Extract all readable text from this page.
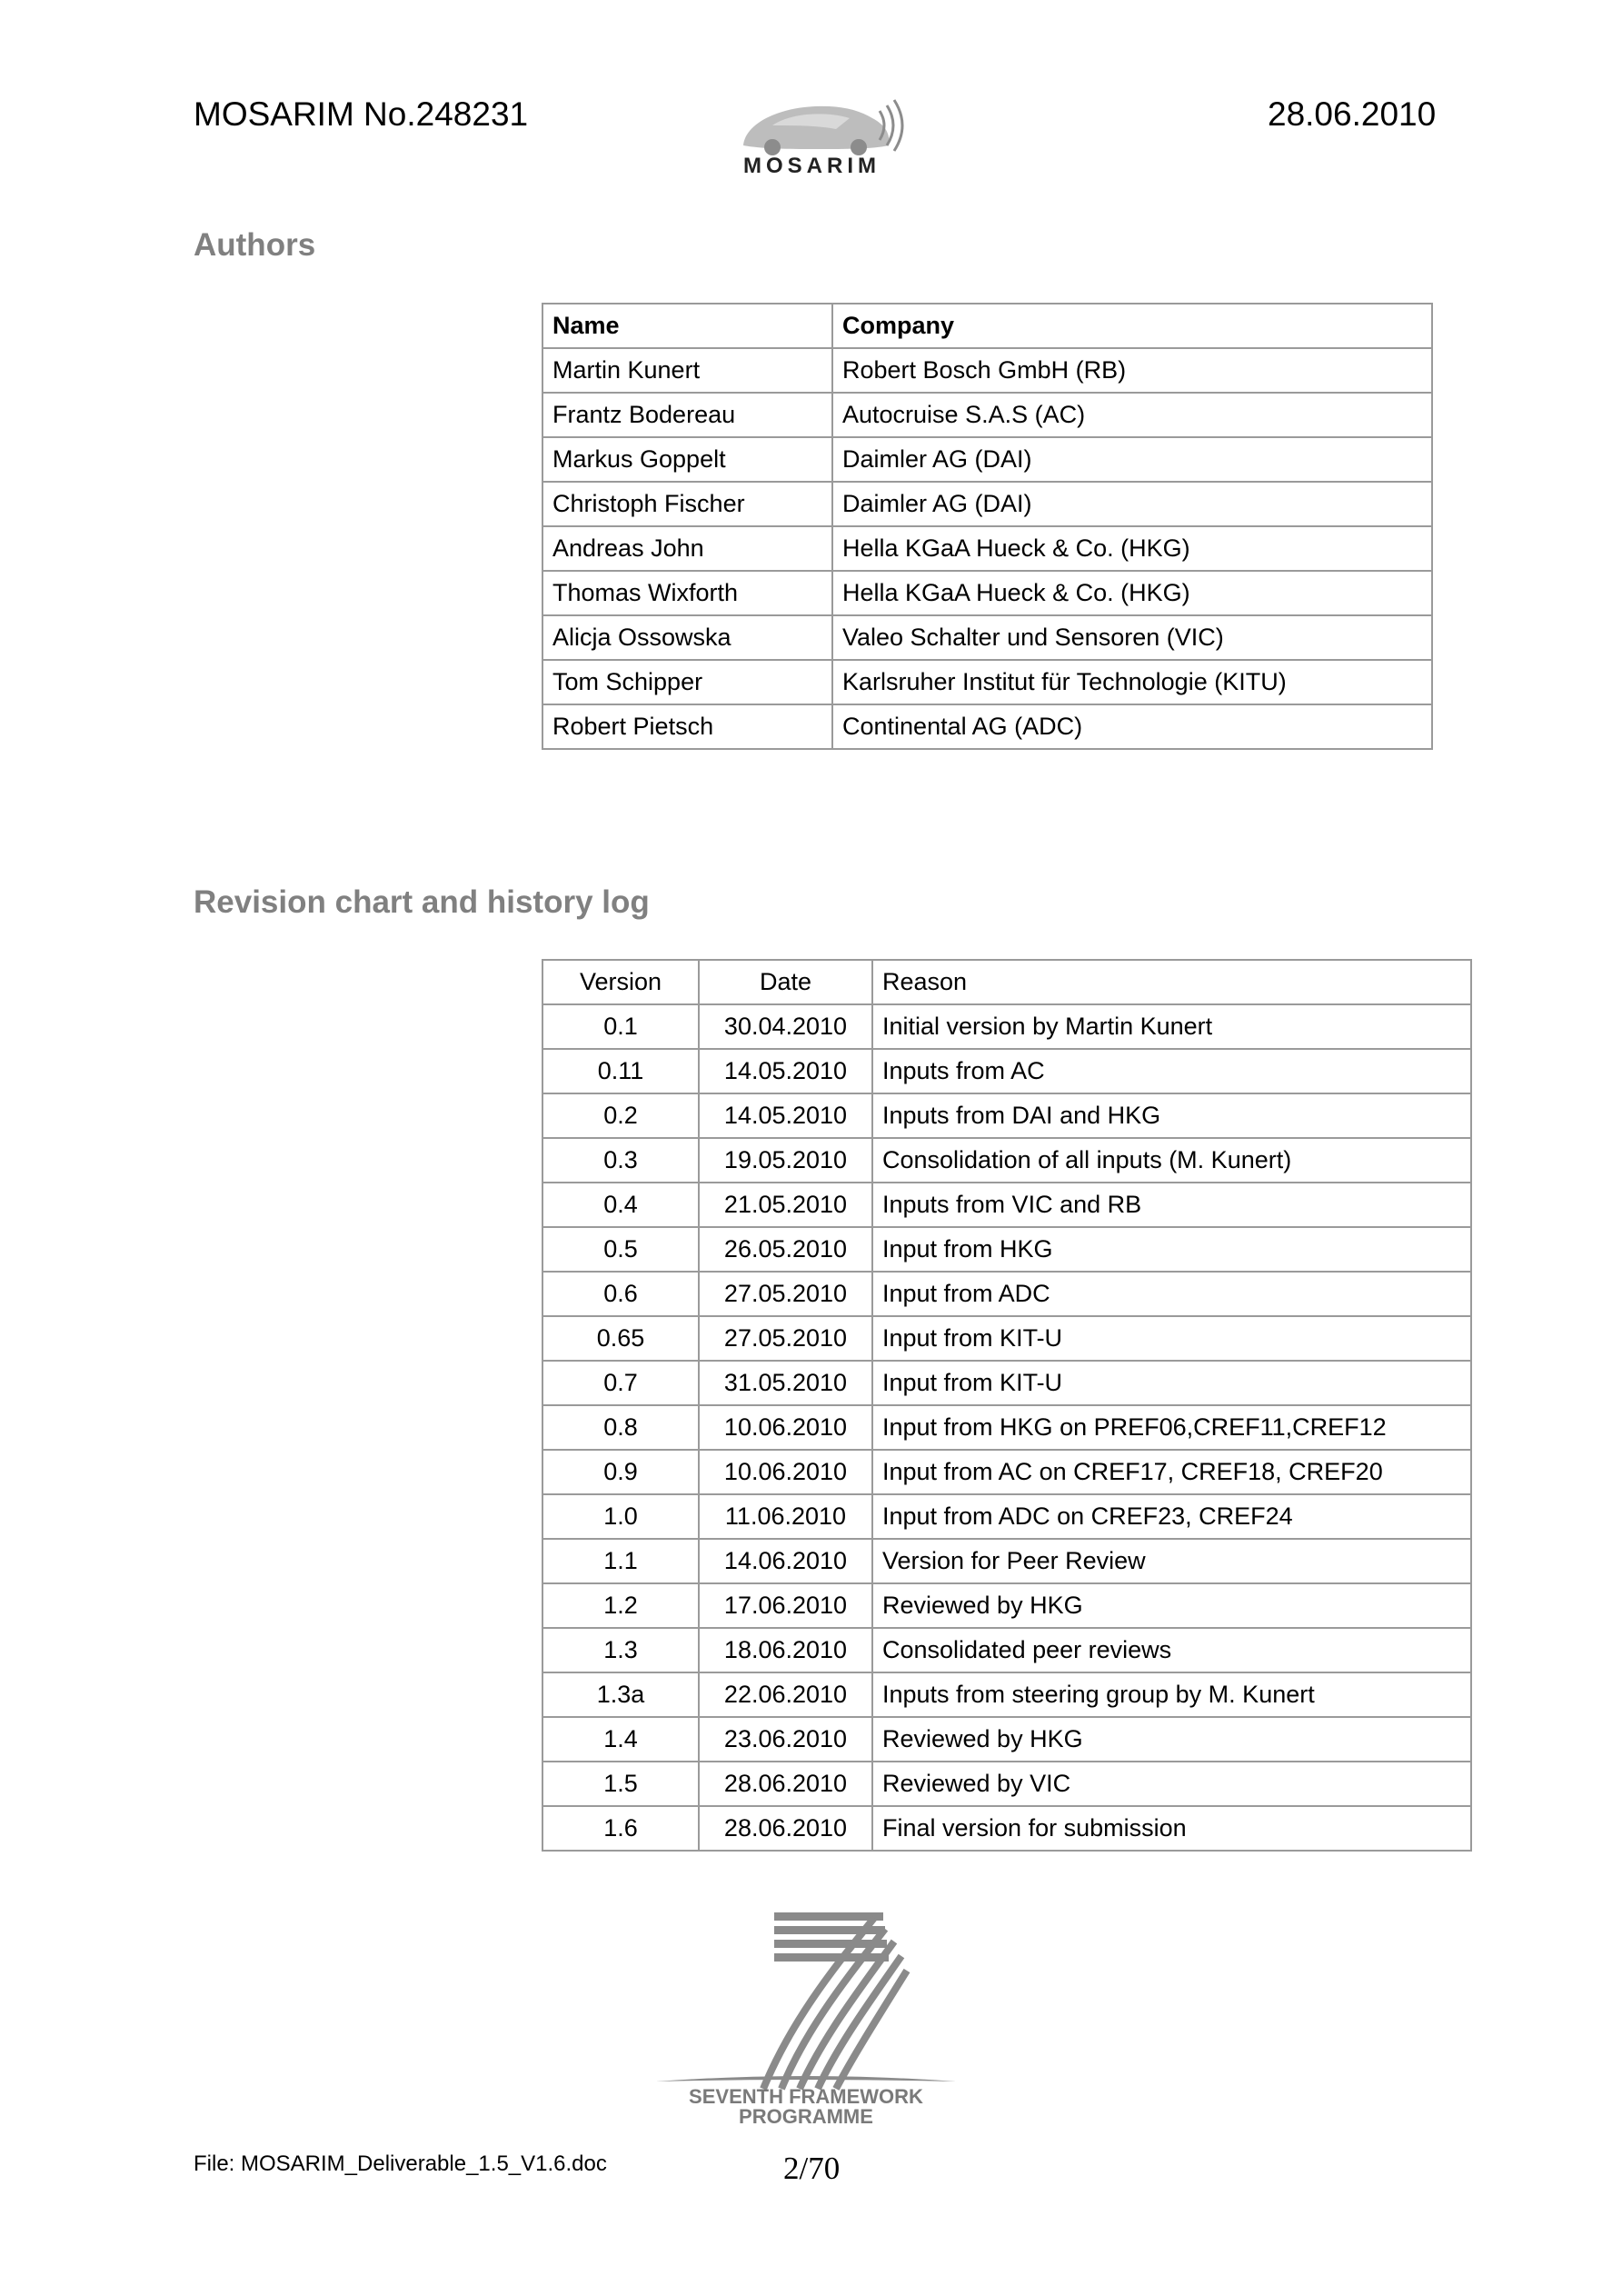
MOSARIM No.248231	28.06.2010
MOSARIM
Authors
Name	Company
Martin Kunert	Robert Bosch GmbH (RB)
Frantz Bodereau	Autocruise S.A.S (AC)
Markus Goppelt	Daimler AG (DAI)
Christoph Fischer	Daimler AG (DAI)
Andreas John	Hella KGaA Hueck & Co. (HKG)
Thomas Wixforth	Hella KGaA Hueck & Co. (HKG)
Alicja Ossowska	Valeo Schalter und Sensoren (VIC)
Tom Schipper	Karlsruher Institut für Technologie (KITU)
Robert Pietsch	Continental AG (ADC)
Revision chart and history log
Version	Date	Reason
0.1	30.04.2010	Initial version by Martin Kunert
0.11	14.05.2010	Inputs from AC
0.2	14.05.2010	Inputs from DAI and HKG
0.3	19.05.2010	Consolidation of all inputs (M. Kunert)
0.4	21.05.2010	Inputs from VIC and RB
0.5	26.05.2010	Input from HKG
0.6	27.05.2010	Input from ADC
0.65	27.05.2010	Input from KIT-U
0.7	31.05.2010	Input from KIT-U
0.8	10.06.2010	Input from HKG on PREF06,CREF11,CREF12
0.9	10.06.2010	Input from AC on CREF17, CREF18, CREF20
1.0	11.06.2010	Input from ADC on CREF23, CREF24
1.1	14.06.2010	Version for Peer Review
1.2	17.06.2010	Reviewed by HKG
1.3	18.06.2010	Consolidated peer reviews
1.3a	22.06.2010	Inputs from steering group by M. Kunert
1.4	23.06.2010	Reviewed by HKG
1.5	28.06.2010	Reviewed by VIC
1.6	28.06.2010	Final version for submission
SEVENTH FRAMEWORK
PROGRAMME
File: MOSARIM_Deliverable_1.5_V1.6.doc	2/70
